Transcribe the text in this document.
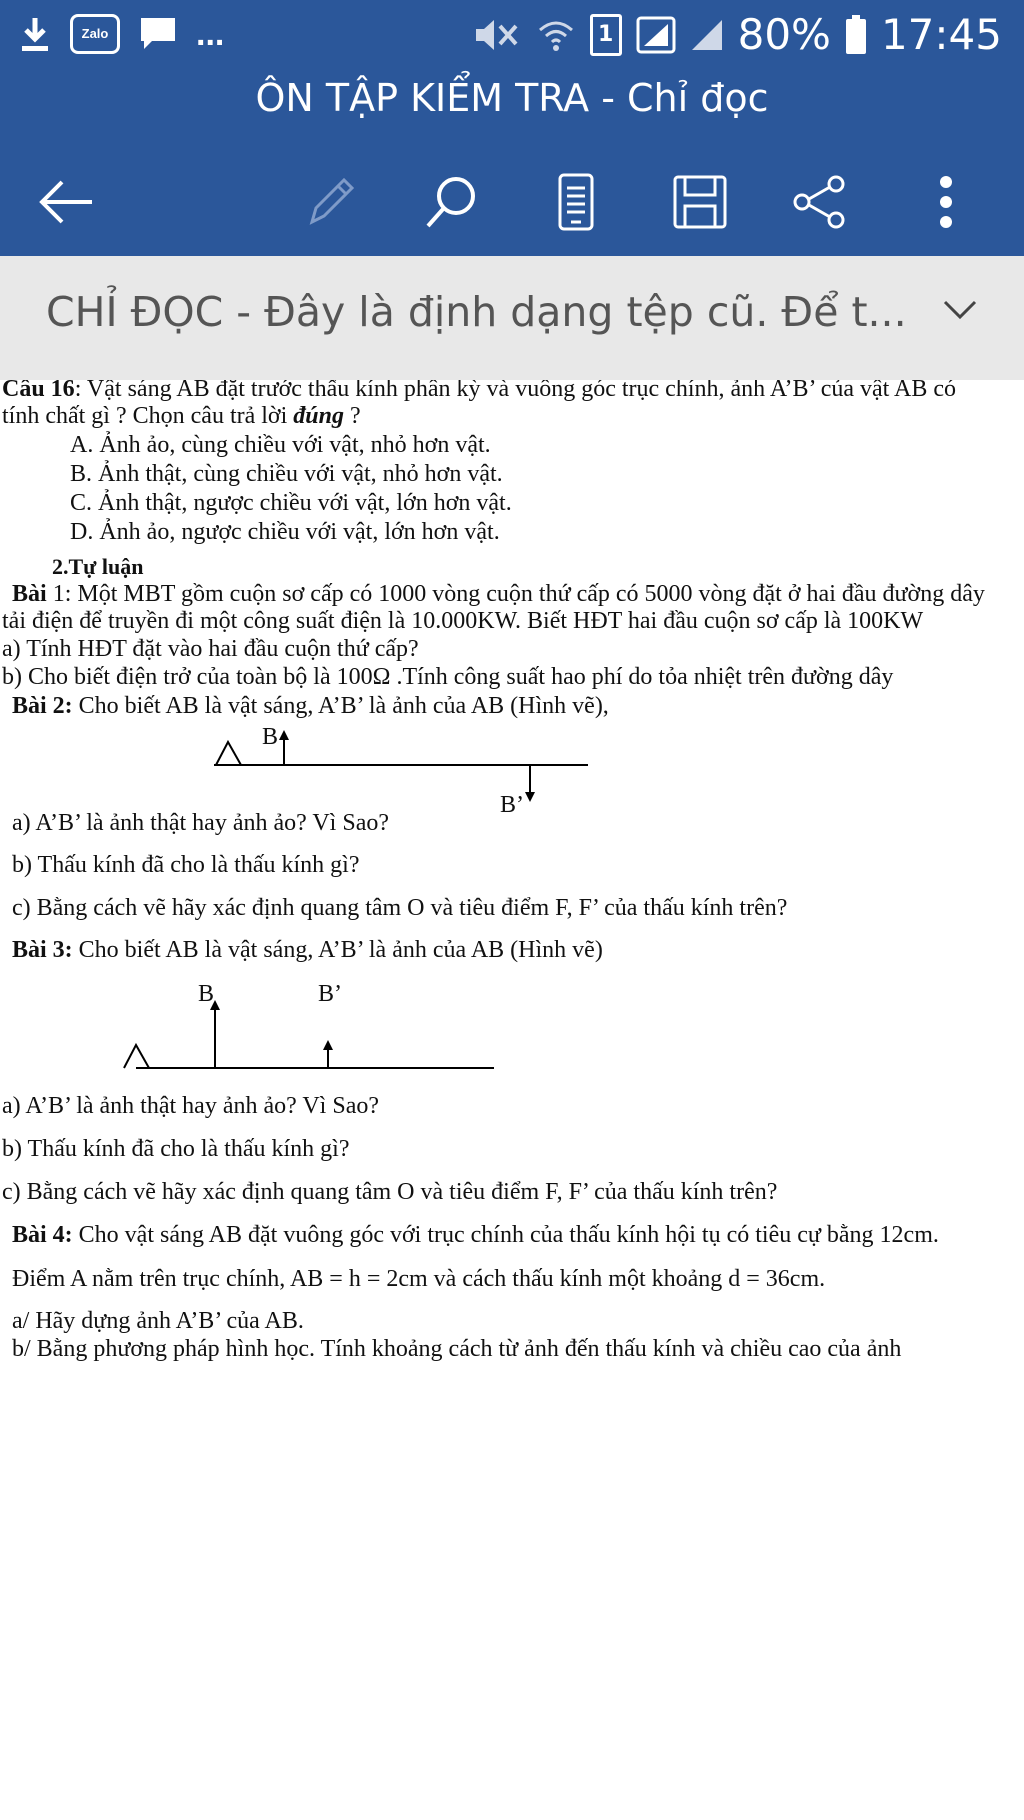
Zalo	...	1	80% 17:45
ÔN TẬP KIỂM TRA - Chỉ đọc
CHỈ ĐỌC - Đây là định dạng tệp cũ. Để t...
Câu 16: Vật sáng AB đặt trước thấu kính phân kỳ và vuông góc trục chính, ảnh A’B’ của vật AB có
tính chất gì ? Chọn câu trả lời đúng ?
A. Ảnh ảo, cùng chiều với vật, nhỏ hơn vật.
B. Ảnh thật, cùng chiều với vật, nhỏ hơn vật.
C. Ảnh thật, ngược chiều với vật, lớn hơn vật.
D. Ảnh ảo, ngược chiều với vật, lớn hơn vật.
2.Tự luận
Bài 1: Một MBT gồm cuộn sơ cấp có 1000 vòng cuộn thứ cấp có 5000 vòng đặt ở hai đầu đường dây
tải điện để truyền đi một công suất điện là 10.000KW. Biết HĐT hai đầu cuộn sơ cấp là 100KW
a) Tính HĐT đặt vào hai đầu cuộn thứ cấp?
b) Cho biết điện trở của toàn bộ là 100Ω .Tính công suất hao phí do tỏa nhiệt trên đường dây
Bài 2: Cho biết AB là vật sáng, A’B’ là ảnh của AB (Hình vẽ),
B
B’
a) A’B’ là ảnh thật hay ảnh ảo? Vì Sao?
b) Thấu kính đã cho là thấu kính gì?
c) Bằng cách vẽ hãy xác định quang tâm O và tiêu điểm F, F’ của thấu kính trên?
Bài 3: Cho biết AB là vật sáng, A’B’ là ảnh của AB (Hình vẽ)
B	B’
a) A’B’ là ảnh thật hay ảnh ảo? Vì Sao?
b) Thấu kính đã cho là thấu kính gì?
c) Bằng cách vẽ hãy xác định quang tâm O và tiêu điểm F, F’ của thấu kính trên?
Bài 4: Cho vật sáng AB đặt vuông góc với trục chính của thấu kính hội tụ có tiêu cự bằng 12cm.
Điểm A nằm trên trục chính, AB = h = 2cm và cách thấu kính một khoảng d = 36cm.
a/ Hãy dựng ảnh A’B’ của AB.
b/ Bằng phương pháp hình học. Tính khoảng cách từ ảnh đến thấu kính và chiều cao của ảnh
